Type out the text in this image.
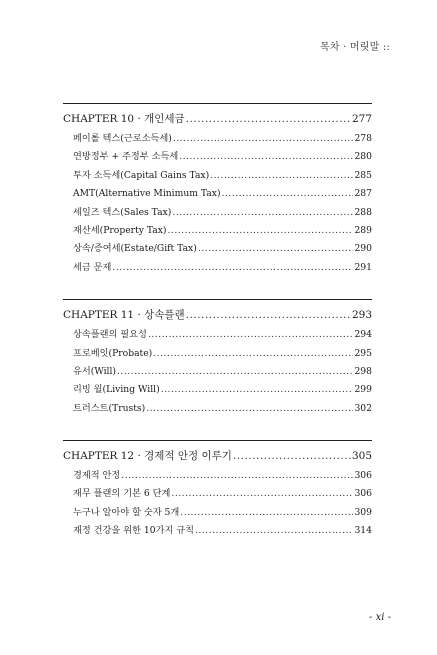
목차 · 머릿말 ::
CHAPTER 10 · 개인세금 .....	277
페이롤 텍스(근로소득세) .....	278
연방정부 + 주정부 소득세 .....	280
투자 소득세(Capital Gains Tax) .....	285
AMT(Alternative Minimum Tax) .....	287
세일즈 텍스(Sales Tax) .....	288
재산세(Property Tax) .....	289
상속/증여세(Estate/Gift Tax) .....	290
세금 문제 .....	291
CHAPTER 11 · 상속플랜 .....	293
상속플랜의 필요성 .....	294
프로베잇(Probate) .....	295
유서(Will) .....	298
리빙 윌(Living Will) .....	299
트러스트(Trusts) .....	302
CHAPTER 12 · 경제적 안정 이루기 .....	305
경제적 안정 .....	306
재무 플랜의 기본 6 단계 .....	306
누구나 알아야 할 숫자 5개 .....	309
재정 건강을 위한 10가지 규칙 .....	314
- xi -
